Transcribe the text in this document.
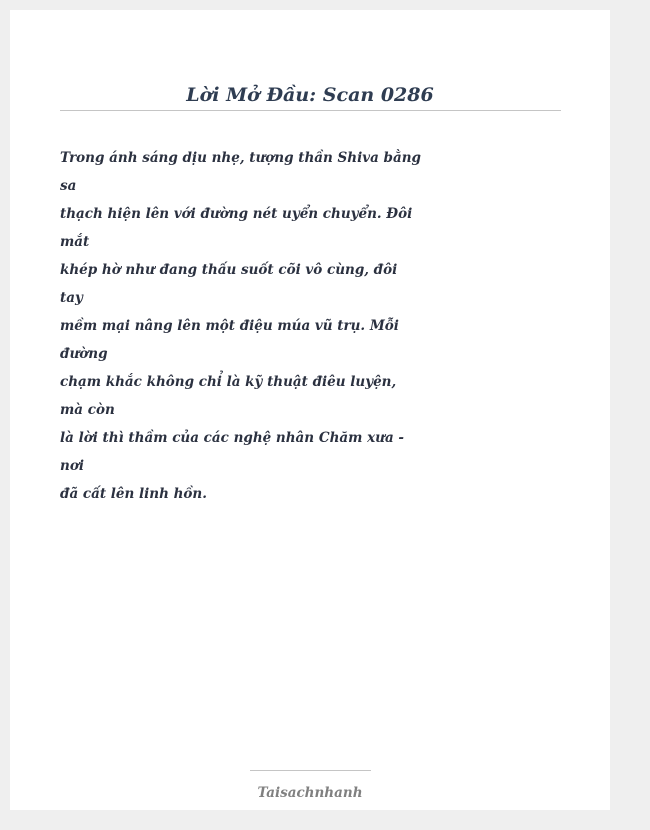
Lời Mở Đầu: Scan 0286
Trong ánh sáng dịu nhẹ, tượng thần Shiva bằng
sa
thạch hiện lên với đường nét uyển chuyển. Đôi
mắt
khép hờ như đang thấu suốt cõi vô cùng, đôi
tay
mềm mại nâng lên một điệu múa vũ trụ. Mỗi
đường
chạm khắc không chỉ là kỹ thuật điêu luyện,
mà còn
là lời thì thầm của các nghệ nhân Chăm xưa -
nơi
đã cất lên linh hồn.
Taisachnhanh
